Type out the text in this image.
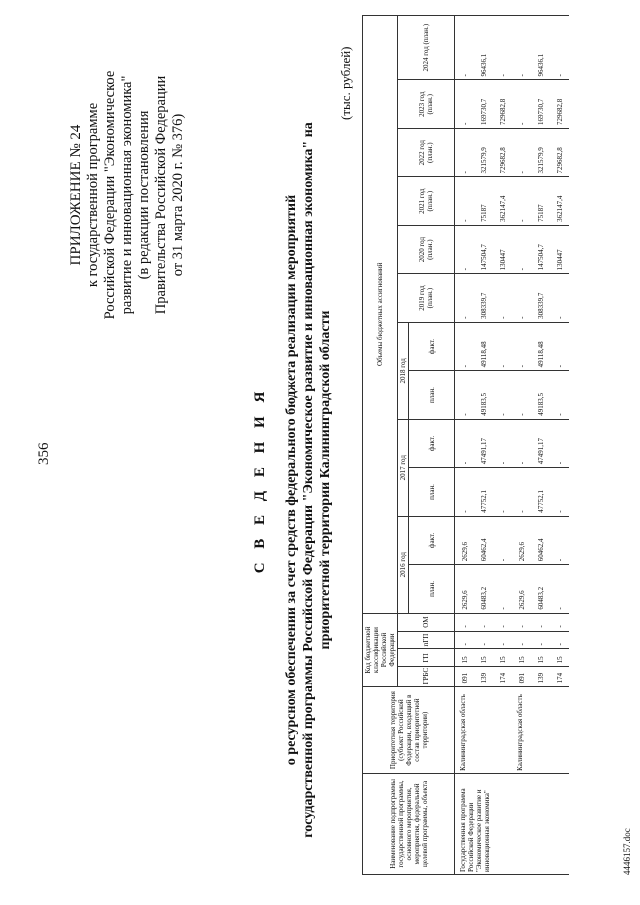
356
ПРИЛОЖЕНИЕ № 24 к государственной программе Российской Федерации "Экономическое развитие и инновационная экономика" (в редакции постановления Правительства Российской Федерации от 31 марта 2020 г. № 376)
С В Е Д Е Н И Я о ресурсном обеспечении за счет средств федерального бюджета реализации мероприятий государственной программы Российской Федерации "Экономическое развитие и инновационная экономика" на приоритетной территории Калининградской области
(тыс. рублей)
Наименование подпрограммы государственной программы, основного мероприятия, мероприятия, федеральной целевой программы, объекта	Приоритетная территория (субъект Российской Федерации, входящий в состав приоритетной территории)	Код бюджетной классификации Российской Федерации				Объемы бюджетных ассигнований											
		ГРБС	ГП	пГП	ОМ	2016 год		2017 год		2018 год		2019 год (план.)	2020 год (план.)	2021 год (план.)	2022 год (план.)	2023 год (план.)	2024 год (план.)
						план.	факт.	план.	факт.	план.	факт.						
Государственная программа Российской Федерации "Экономическое развитие и инновационная экономика"	Калининградская область	091	15	-	-	2629,6	2629,6	-	-	-	-	-	-	-	-	-	-
		139	15	-	-	60483,2	60462,4	47752,1	47491,17	49183,5	49118,48	308339,7	147504,7	75187	321579,9	169730,7	96436,1
		174	15	-	-	-	-	-	-	-	-	-	130447	362147,4	729682,8	729682,8	-
	Калининградская область	091	15	-	-	2629,6	2629,6	-	-	-	-	-	-	-	-	-	-
		139	15	-	-	60483,2	60462,4	47752,1	47491,17	49183,5	49118,48	308339,7	147504,7	75187	321579,9	169730,7	96436,1
		174	15	-	-	-	-	-	-	-	-	-	130447	362147,4	729682,8	729682,8	-
4446157.doc
